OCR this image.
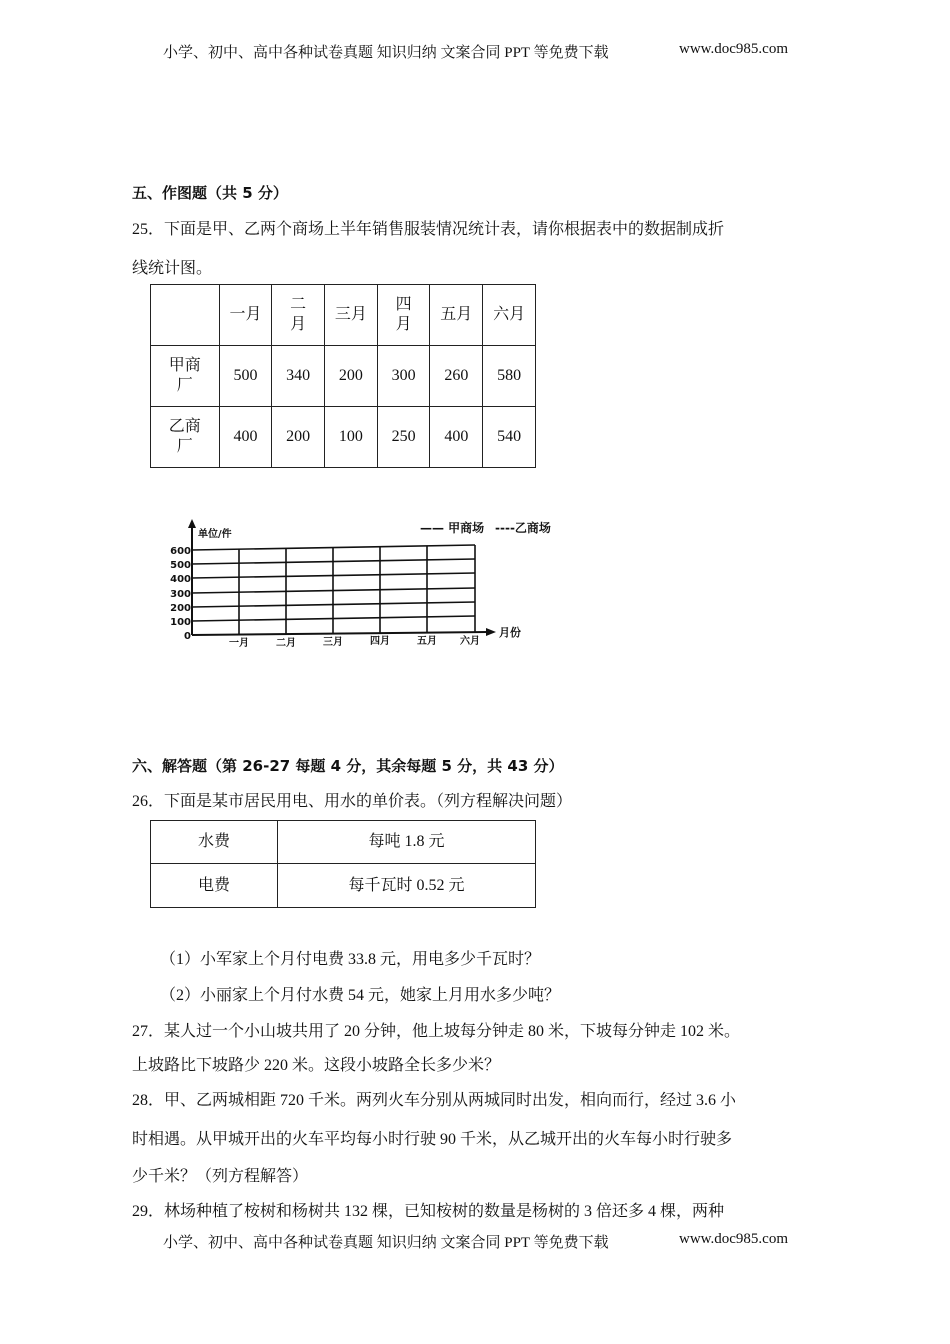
小学、初中、高中各种试卷真题 知识归纳 文案合同 PPT 等免费下载	www.doc985.com
五、作图题（共 5 分）
25．下面是甲、乙两个商场上半年销售服装情况统计表，请你根据表中的数据制成折
线统计图。
	一月	二月	三月	四月	五月	六月
甲商厂	500	340	200	300	260	580
乙商厂	400	200	100	250	400	540
0
100
200
300
400
500
600
单位/件
一月	二月	三月	四月	五月 六月
月份
—— 甲商场 ----乙商场
六、解答题（第 26-27 每题 4 分，其余每题 5 分，共 43 分）
26．下面是某市居民用电、用水的单价表。（列方程解决问题）
水费	每吨 1.8 元
电费	每千瓦时 0.52 元
（1）小军家上个月付电费 33.8 元，用电多少千瓦时？
（2）小丽家上个月付水费 54 元，她家上月用水多少吨？
27．某人过一个小山坡共用了 20 分钟，他上坡每分钟走 80 米，下坡每分钟走 102 米。
上坡路比下坡路少 220 米。这段小坡路全长多少米？
28．甲、乙两城相距 720 千米。两列火车分别从两城同时出发，相向而行，经过 3.6 小
时相遇。从甲城开出的火车平均每小时行驶 90 千米，从乙城开出的火车每小时行驶多
少千米？（列方程解答）
29．林场种植了桉树和杨树共 132 棵，已知桉树的数量是杨树的 3 倍还多 4 棵，两种
小学、初中、高中各种试卷真题 知识归纳 文案合同 PPT 等免费下载	www.doc985.com
